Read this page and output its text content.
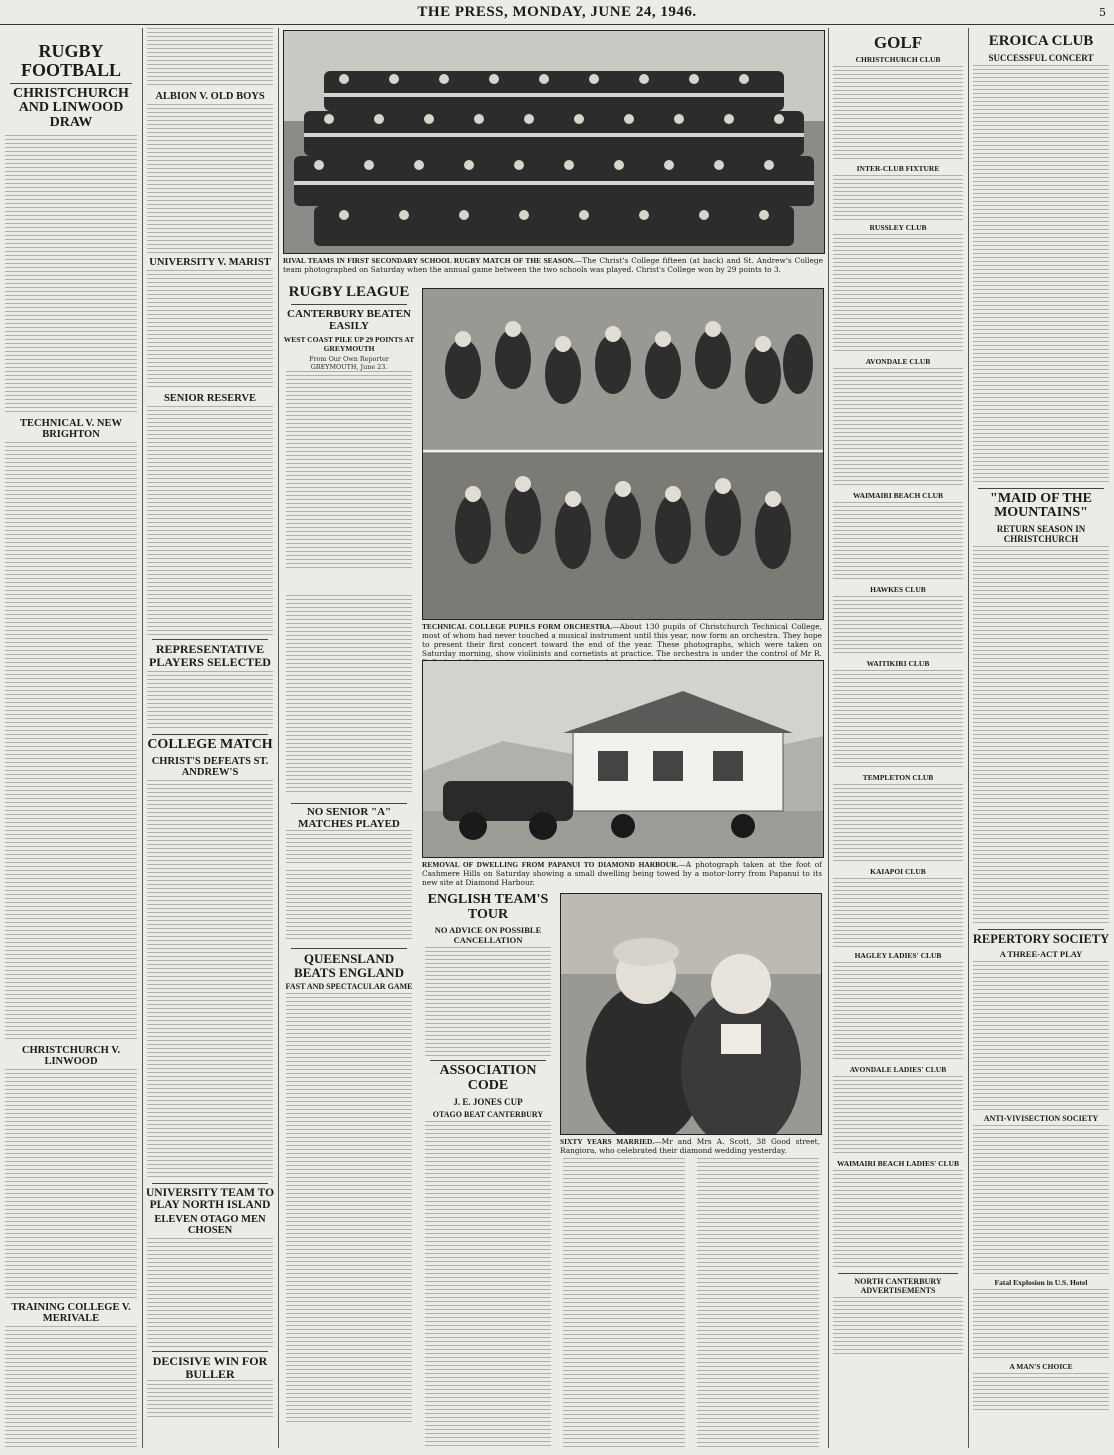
THE PRESS, MONDAY, JUNE 24, 1946.	5
RUGBY FOOTBALL
CHRISTCHURCH AND LINWOOD DRAW
TECHNICAL V. NEW BRIGHTON
CHRISTCHURCH V. LINWOOD
TRAINING COLLEGE V. MERIVALE
ALBION V. OLD BOYS
UNIVERSITY V. MARIST
SENIOR RESERVE
REPRESENTATIVE PLAYERS SELECTED
COLLEGE MATCH
CHRIST'S DEFEATS ST. ANDREW'S
UNIVERSITY TEAM TO PLAY NORTH ISLAND
ELEVEN OTAGO MEN CHOSEN
DECISIVE WIN FOR BULLER
RIVAL TEAMS IN FIRST SECONDARY SCHOOL RUGBY MATCH OF THE SEASON.—The Christ's College fifteen (at back) and St. Andrew's College team photographed on Saturday when the annual game between the two schools was played. Christ's College won by 29 points to 3.
RUGBY LEAGUE
CANTERBURY BEATEN EASILY
WEST COAST PILE UP 29 POINTS AT GREYMOUTH
From Our Own Reporter GREYMOUTH, June 23.
TECHNICAL COLLEGE PUPILS FORM ORCHESTRA.—About 130 pupils of Christchurch Technical College, most of whom had never touched a musical instrument until this year, now form an orchestra. They hope to present their first concert toward the end of the year. These photographs, which were taken on Saturday morning, show violinists and cornetists at practice. The orchestra is under the control of Mr R.
NO SENIOR "A" MATCHES PLAYED
QUEENSLAND BEATS ENGLAND
FAST AND SPECTACULAR GAME
REMOVAL OF DWELLING FROM PAPANUI TO DIAMOND HARBOUR.—A photograph taken at the foot of Cashmere Hills on Saturday showing a small dwelling being towed by a motor-lorry from Papanui to its new site at Diamond Harbour.
ENGLISH TEAM'S TOUR
NO ADVICE ON POSSIBLE CANCELLATION
ASSOCIATION CODE
J. E. JONES CUP
OTAGO BEAT CANTERBURY
SIXTY YEARS MARRIED.—Mr and Mrs A. Scott, 38 Good street, Rangiora, who celebrated their diamond wedding yesterday.
GOLF
CHRISTCHURCH CLUB
INTER-CLUB FIXTURE
RUSSLEY CLUB
AVONDALE CLUB
WAIMAIRI BEACH CLUB
HAWKES CLUB
WAITIKIRI CLUB
TEMPLETON CLUB
KAIAPOI CLUB
HAGLEY LADIES' CLUB
AVONDALE LADIES' CLUB
WAIMAIRI BEACH LADIES' CLUB
NORTH CANTERBURY ADVERTISEMENTS
EROICA CLUB
SUCCESSFUL CONCERT
"MAID OF THE MOUNTAINS"
RETURN SEASON IN CHRISTCHURCH
REPERTORY SOCIETY
A THREE-ACT PLAY
ANTI-VIVISECTION SOCIETY
Fatal Explosion in U.S. Hotel
A MAN'S CHOICE
